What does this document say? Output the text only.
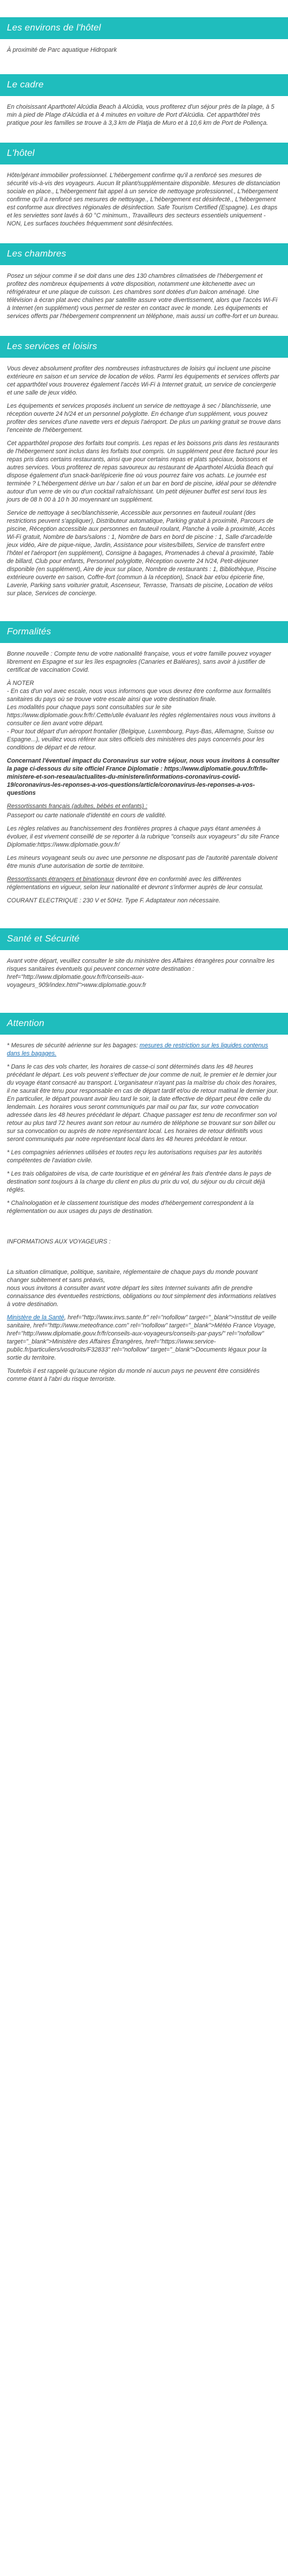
Les environs de l'hôtel

À proximité de Parc aquatique Hidropark

Le cadre

En choisissant Aparthotel Alcúdia Beach à Alcúdia, vous profiterez d'un séjour près de la plage, à 5 min à pied de Plage d'Alcúdia et à 4 minutes en voiture de Port d'Alcúdia. Cet apparthôtel très pratique pour les familles se trouve à 3,3 km de Platja de Muro et à 10,6 km de Port de Pollença.

L'hôtel

Hôte/gérant immobilier professionnel. L'hébergement confirme qu'il a renforcé ses mesures de sécurité vis-à-vis des voyageurs. Aucun lit pliant/supplémentaire disponible. Mesures de distanciation sociale en place., L'hébergement fait appel à un service de nettoyage professionnel., L'hébergement confirme qu'il a renforcé ses mesures de nettoyage., L'hébergement est désinfecté., L'hébergement est conforme aux directives régionales de désinfection. Safe Tourism Certified (Espagne). Les draps et les serviettes sont lavés à 60 °C minimum., Travailleurs des secteurs essentiels uniquement - NON, Les surfaces touchées fréquemment sont désinfectées.

Les chambres

Posez un séjour comme il se doit dans une des 130 chambres climatisées de l'hébergement et profitez des nombreux équipements à votre disposition, notamment une kitchenette avec un réfrigérateur et une plaque de cuisson. Les chambres sont dotées d'un balcon aménagé. Une télévision à écran plat avec chaînes par satellite assure votre divertissement, alors que l'accès Wi-Fi à Internet (en supplément) vous permet de rester en contact avec le monde. Les équipements et services offerts par l'hébergement comprennent un téléphone, mais aussi un coffre-fort et un bureau.

Les services et loisirs

Vous devez absolument profiter des nombreuses infrastructures de loisirs qui incluent une piscine extérieure en saison et un service de location de vélos. Parmi les équipements et services offerts par cet apparthôtel vous trouverez également l'accès Wi-Fi à Internet gratuit, un service de conciergerie et une salle de jeux vidéo.

Les équipements et services proposés incluent un service de nettoyage à sec / blanchisserie, une réception ouverte 24 h/24 et un personnel polyglotte. En échange d'un supplément, vous pouvez profiter des services d'une navette vers et depuis l'aéroport. De plus un parking gratuit se trouve dans l'enceinte de l'hébergement.

Cet apparthôtel propose des forfaits tout compris. Les repas et les boissons pris dans les restaurants de l'hébergement sont inclus dans les forfaits tout compris. Un supplément peut être facturé pour les repas pris dans certains restaurants, ainsi que pour certains repas et plats spéciaux, boissons et autres services. Vous profiterez de repas savoureux au restaurant de Aparthotel Alcúdia Beach qui dispose également d'un snack-bar/épicerie fine où vous pourrez faire vos achats. Le journée est terminée ? L'hébergement dérive un bar / salon et un bar en bord de piscine, idéal pour se détendre autour d'un verre de vin ou d'un cocktail rafraîchissant. Un petit déjeuner buffet est servi tous les jours de 08 h 00 à 10 h 30 moyennant un supplément.

Service de nettoyage à sec/blanchisserie, Accessible aux personnes en fauteuil roulant (des restrictions peuvent s'appliquer), Distributeur automatique, Parking gratuit à proximité, Parcours de piscine, Réception accessible aux personnes en fauteuil roulant, Planche à voile à proximité, Accès Wi-Fi gratuit, Nombre de bars/salons : 1, Nombre de bars en bord de piscine : 1, Salle d'arcade/de jeux vidéo, Aire de pique-nique, Jardin, Assistance pour visites/billets, Service de transfert entre l'hôtel et l'aéroport (en supplément), Consigne à bagages, Promenades à cheval à proximité, Table de billard, Club pour enfants, Personnel polyglotte, Réception ouverte 24 h/24, Petit-déjeuner disponible (en supplément), Aire de jeux sur place, Nombre de restaurants : 1, Bibliothèque, Piscine extérieure ouverte en saison, Coffre-fort (commun à la réception), Snack bar et/ou épicerie fine, Laverie, Parking sans voiturier gratuit, Ascenseur, Terrasse, Transats de piscine, Location de vélos sur place, Services de concierge.

Formalités

Bonne nouvelle : Compte tenu de votre nationalité française, vous et votre famille pouvez voyager librement en Espagne et sur les îles espagnoles (Canaries et Baléares), sans avoir à justifier de certificat de vaccination Covid.

À NOTER
- En cas d'un vol avec escale, nous vous informons que vous devrez être conforme aux formalités sanitaires du pays où se trouve votre escale ainsi que votre destination finale.
Les modalités pour chaque pays sont consultables sur le site https://www.diplomatie.gouv.fr/fr/.Cette/utile évaluant les règles réglementaires nous vous invitons à consulter ce lien avant votre départ.
- Pour tout départ d'un aéroport frontalier (Belgique, Luxembourg, Pays-Bas, Allemagne, Suisse ou Espagne...), veuillez vous référer aux sites officiels des ministères des pays concernés pour les conditions de départ et de retour.

Concernant l'éventuel impact du Coronavirus sur votre séjour, nous vous invitons à consulter la page ci-dessous du site officiel France Diplomatie : https://www.diplomatie.gouv.fr/fr/le-ministere-et-son-reseau/actualites-du-ministere/informations-coronavirus-covid-19/coronavirus-les-reponses-a-vos-questions/article/coronavirus-les-reponses-a-vos-questions

Ressortissants français (adultes, bébés et enfants) :

Passeport ou carte nationale d'identité en cours de validité.

Les règles relatives au franchissement des frontières propres à chaque pays étant amenées à évoluer, il est vivement conseillé de se reporter à la rubrique "conseils aux voyageurs" du site France Diplomatie:https://www.diplomatie.gouv.fr/

Les mineurs voyageant seuls ou avec une personne ne disposant pas de l'autorité parentale doivent être munis d'une autorisation de sortie de territoire.

Ressortissants étrangers et binationaux devront être en conformité avec les différentes réglementations en vigueur, selon leur nationalité et devront s'informer auprès de leur consulat.

COURANT ELECTRIQUE : 230 V et 50Hz. Type F. Adaptateur non nécessaire.

Santé et Sécurité

Avant votre départ, veuillez consulter le site du ministère des Affaires étrangères pour connaître les risques sanitaires éventuels qui peuvent concerner votre destination : href="http://www.diplomatie.gouv.fr/fr/conseils-aux-voyageurs_909/index.html">www.diplomatie.gouv.fr

Attention

* Mesures de sécurité aérienne sur les bagages: mesures de restriction sur les liquides contenus dans les bagages.

* Dans le cas des vols charter, les horaires de casse-ci sont déterminés dans les 48 heures précédant le départ. Les vols peuvent s'effectuer de jour comme de nuit, le premier et le dernier jour du voyage étant consacré au transport. L'organisateur n'ayant pas la maîtrise du choix des horaires, il ne saurait être tenu pour responsable en cas de départ tardif et/ou de retour matinal le dernier jour. En particulier, le départ pouvant avoir lieu tard le soir, la date effective de départ peut être celle du lendemain. Les horaires vous seront communiqués par mail ou par fax, sur votre convocation adressée dans les 48 heures précédant le départ. Chaque passager est tenu de reconfirmer son vol retour au plus tard 72 heures avant son retour au numéro de téléphone se trouvant sur son billet ou sur sa convocation ou auprès de notre représentant local. Les horaires de retour définitifs vous seront communiqués par notre représentant local dans les 48 heures précédant le retour.

* Les compagnies aériennes utilisées et toutes reçu les autorisations requises par les autorités compétentes de l'aviation civile.

* Les trais obligatoires de visa, de carte touristique et en général les frais d'entrée dans le pays de destination sont toujours à la charge du client en plus du prix du vol, du séjour ou du circuit déjà réglés.

* Chaînologation et le classement touristique des modes d'hébergement correspondent à la réglementation ou aux usages du pays de destination.

INFORMATIONS AUX VOYAGEURS :

La situation climatique, politique, sanitaire, réglementaire de chaque pays du monde pouvant changer subitement et sans préavis,
nous vous invitons à consulter avant votre départ les sites Internet suivants afin de prendre connaissance des éventuelles restrictions, obligations ou tout simplement des informations relatives à votre destination.

Ministère de la Santé, href="http://www.invs.sante.fr" rel="nofollow" target="_blank">Institut de veille sanitaire, href="http://www.meteofrance.com" rel="nofollow" target="_blank">Météo France Voyage, href="http://www.diplomatie.gouv.fr/fr/conseils-aux-voyageurs/conseils-par-pays/" rel="nofollow" target="_blank">Ministère des Affaires Étrangères, href="https://www.service-public.fr/particuliers/vosdroits/F32833" rel="nofollow" target="_blank">Documents légaux pour la sortie du territoire.

Toutefois il est rappelé qu'aucune région du monde ni aucun pays ne peuvent être considérés comme étant à l'abri du risque terroriste.
